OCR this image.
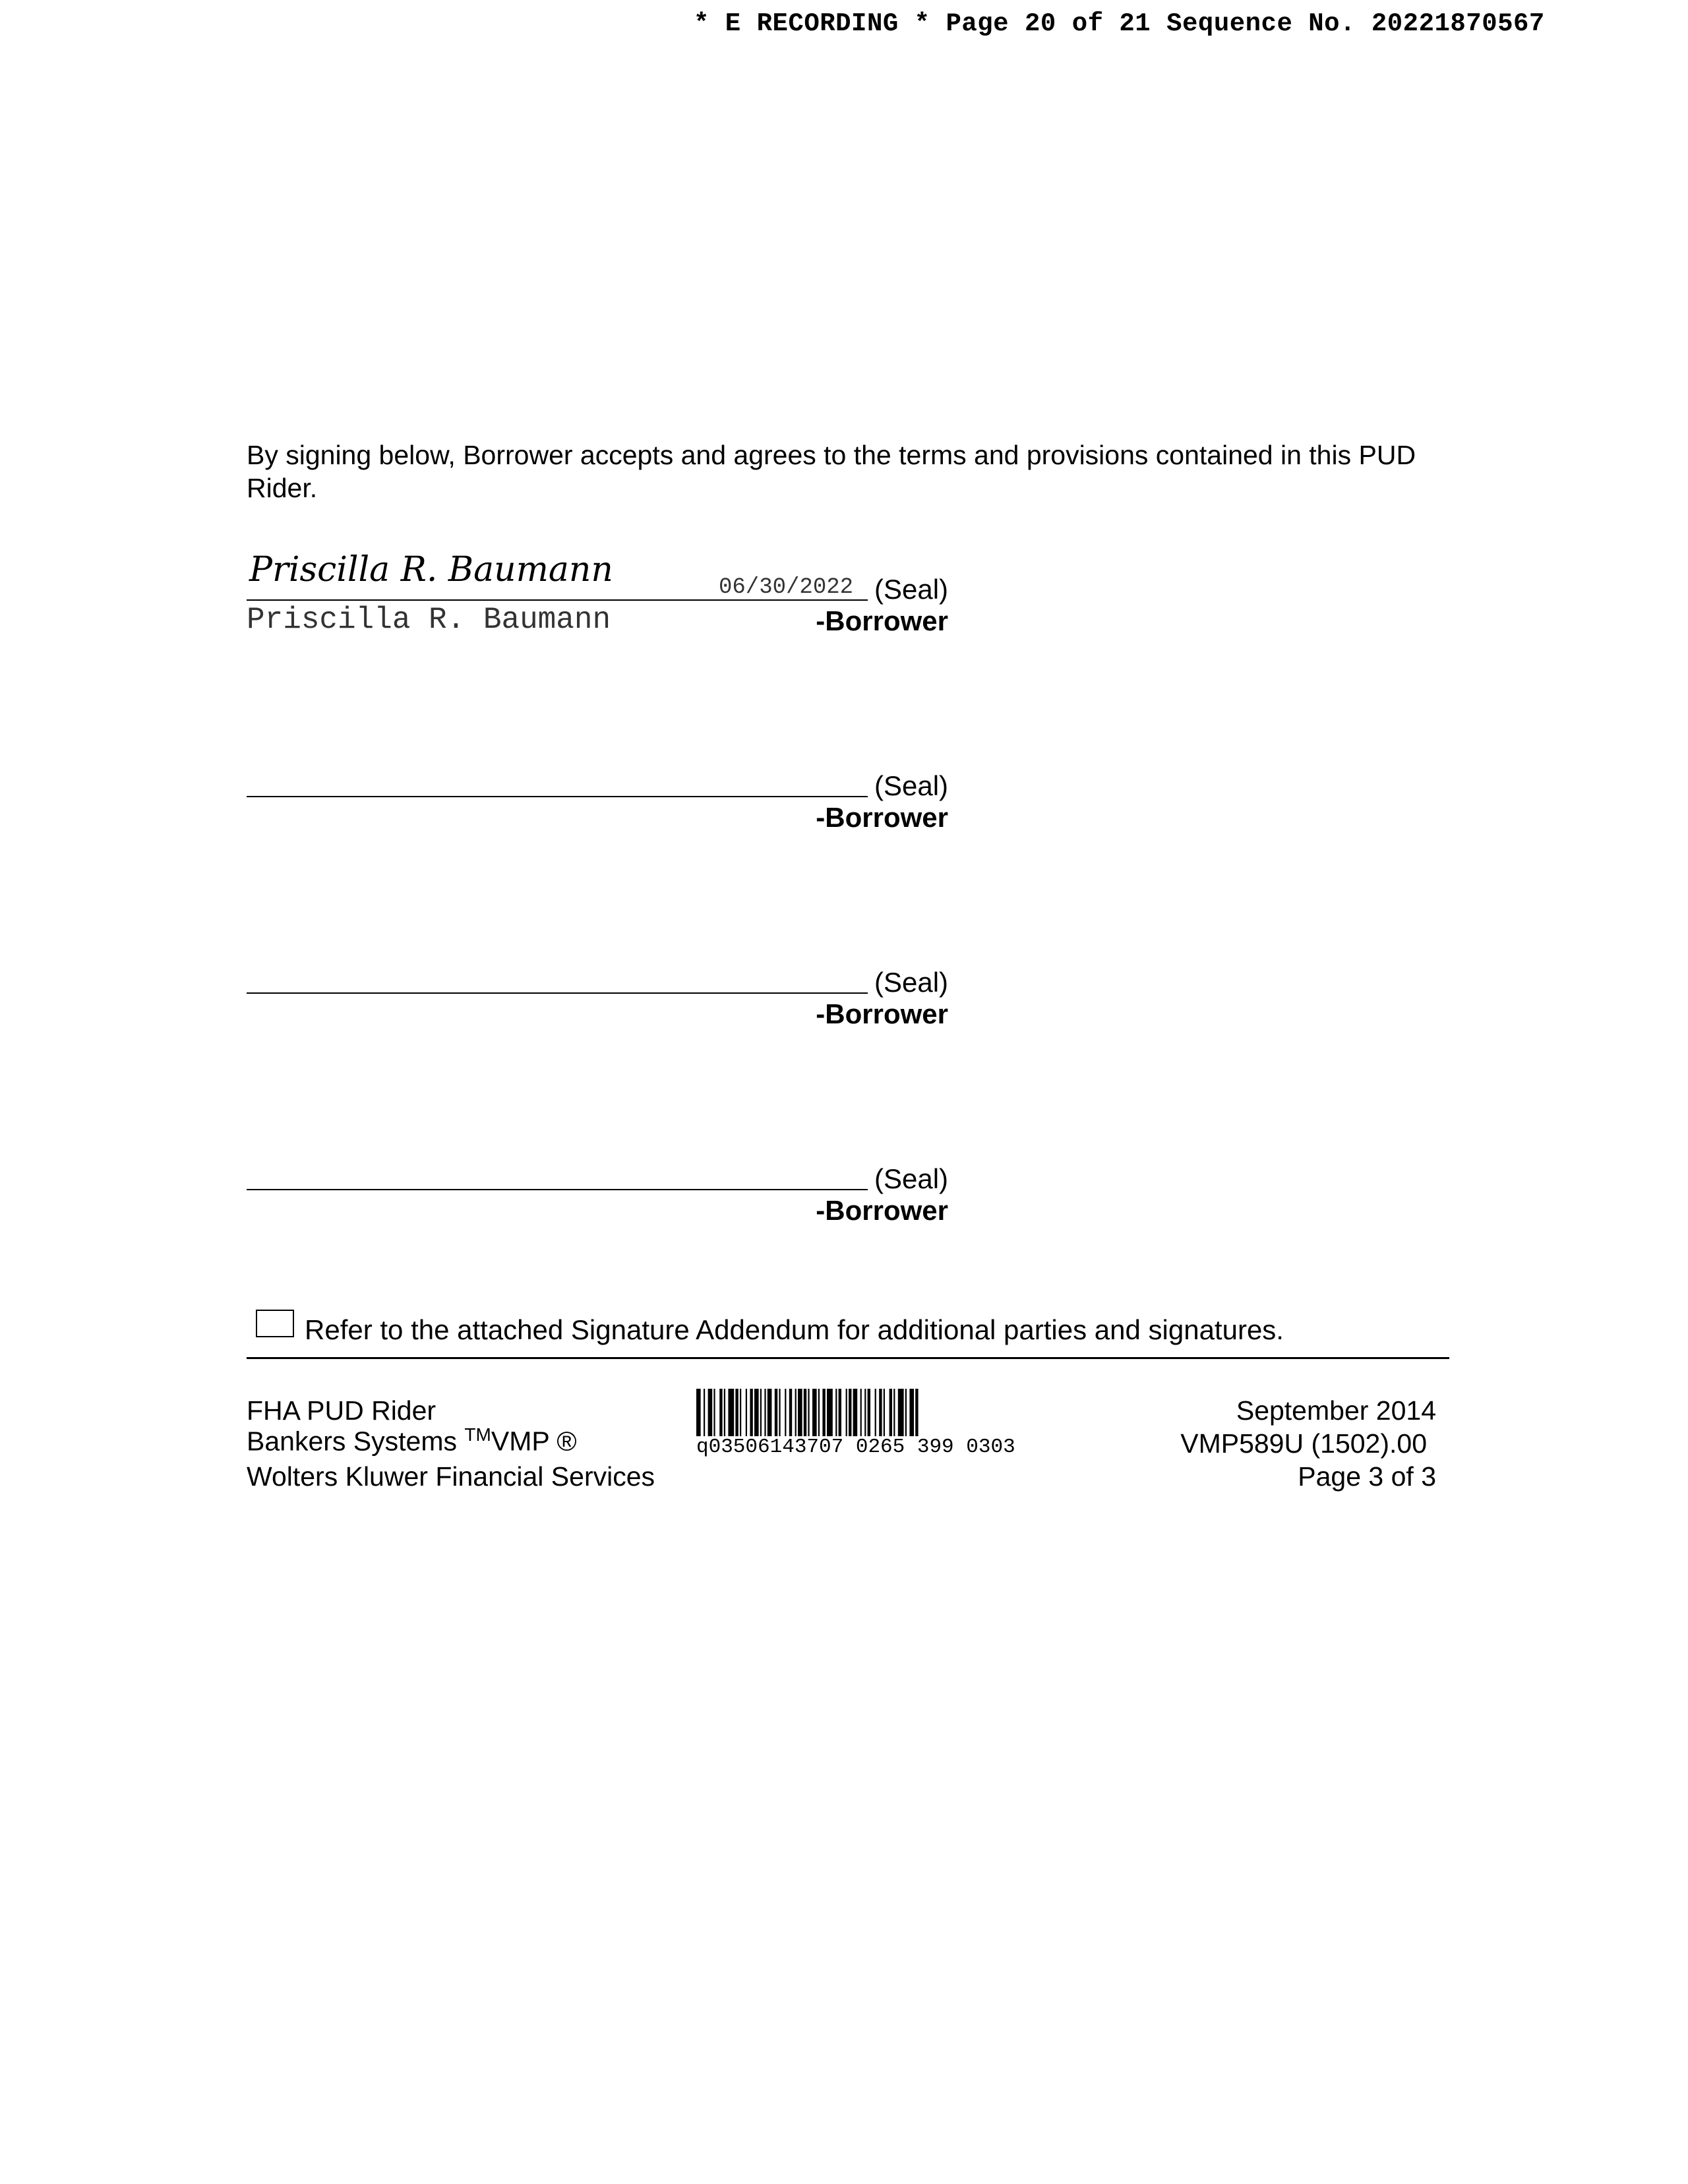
* E RECORDING * Page 20 of 21 Sequence No. 20221870567
By signing below, Borrower accepts and agrees to the terms and provisions contained in this PUD Rider.
Priscilla R. Baumann	06/30/2022 (Seal)
Priscilla R. Baumann	-Borrower
(Seal)
-Borrower
(Seal)
-Borrower
(Seal)
-Borrower
Refer to the attached Signature Addendum for additional parties and signatures.
FHA PUD Rider
Bankers Systems ™VMP ®
Wolters Kluwer Financial Services
q03506143707 0265 399 0303
September 2014
VMP589U (1502).00
Page 3 of 3
